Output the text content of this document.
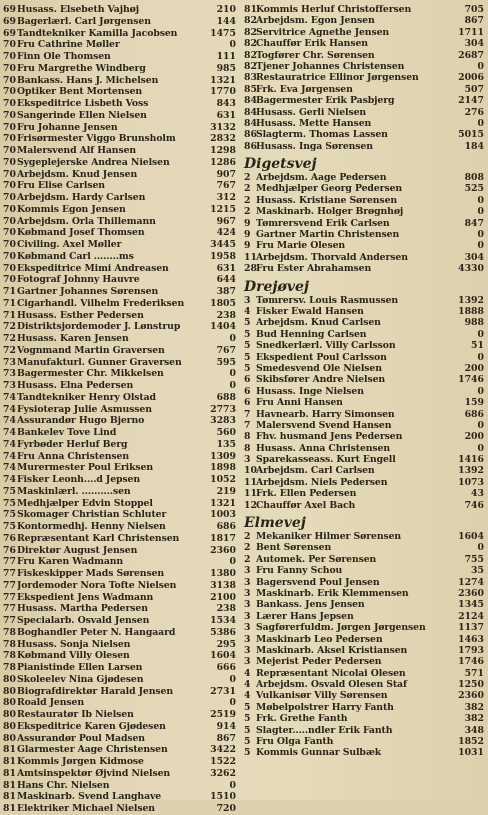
69 Husass. Elsebeth Vajhøj	210
69 Bagerlærl. Carl Jørgensen	144
69 Tandtekniker Kamilla Jacobsen	1475
70 Fru Cathrine Møller	0
70 Finn Ole Thomsen	111
70 Fru Margrethe Windberg	985
70 Bankass. Hans J. Michelsen	1321
70 Optiker Bent Mortensen	1770
70 Ekspeditrice Lisbeth Voss	843
70 Sangerinde Ellen Nielsen	631
70 Fru Johanne Jensen	3132
70 Frisørmester Viggo Brunsholm	2832
70 Malersvend Alf Hansen	1298
70 Sygeplejerske Andrea Nielsen	1286
70 Arbejdsm. Knud Jensen	907
70 Fru Elise Carlsen	767
70 Arbejdsm. Hardy Carlsen	312
70 Kommis Egon Jensen	1215
70 Arbejdsm. Orla Thillemann	967
70 Købmand Josef Thomsen	424
70 Civiling. Axel Møller	3445
70 Købmand Carl ........ms	1958
70 Ekspeditrice Mimi Andreasen	631
70 Fotograf Johnny Hauvre	644
71 Gartner Johannes Sørensen	387
71 Cigarhandl. Vilhelm Frederiksen	1805
71 Husass. Esther Pedersen	238
72 Distriktsjordemoder J. Lønstrup	1404
72 Husass. Karen Jensen	0
72 Vognmand Martin Graversen	767
73 Manufakturl. Gunner Graversen	595
73 Bagermester Chr. Mikkelsen	0
73 Husass. Elna Pedersen	0
74 Tandtekniker Henry Olstad	688
74 Fysioterap Julie Asmussen	2773
74 Assurandør Hugo Bjerno	3283
74 Bankelev Tove Lind	560
74 Fyrbøder Herluf Berg	135
74 Fru Anna Christensen	1309
74 Murermester Poul Eriksen	1898
74 Fisker Leonh....d Jepsen	1052
75 Maskinlærl. ..........sen	219
75 Medhjælper Edvin Stoppel	1321
75 Skomager Christian Schluter	1003
75 Kontormedhj. Henny Nielsen	686
76 Repræsentant Karl Christensen	1817
76 Direktør August Jensen	2360
77 Fru Karen Wadmann	0
77 Fiskeskipper Mads Sørensen	1380
77 Jordemoder Nora Tofte Nielsen	3138
77 Ekspedient Jens Wadmann	2100
77 Husass. Martha Pedersen	238
77 Specialarb. Osvald Jensen	1534
78 Boghandler Peter N. Hangaard	5386
78 Husass. Sonja Nielsen	295
78 Købmand Villy Olesen	1604
78 Pianistinde Ellen Larsen	666
80 Skoleelev Nina Gjødesen	0
80 Biografdirektør Harald Jensen	2731
80 Roald Jensen	0
80 Restauratør Ib Nielsen	2519
80 Ekspeditrice Karen Gjødesen	914
80 Assurandør Poul Madsen	867
81 Glarmester Aage Christensen	3422
81 Kommis Jørgen Kidmose	1522
81 Amtsinspektør Øjvind Nielsen	3262
81 Hans Chr. Nielsen	0
81 Maskinarb. Svend Langhave	1510
81 Elektriker Michael Nielsen	720
81 Kommis Herluf Christoffersen	705
82 Arbejdsm. Egon Jensen	867
82 Servitrice Agnethe Jensen	1711
82 Chauffør Erik Hansen	304
82 Togfører Chr. Sørensen	2687
82 Tjener Johannes Christensen	0
83 Restauratrice Ellinor Jørgensen	2006
85 Frk. Eva Jørgensen	507
84 Bagermester Erik Pasbjerg	2147
84 Husass. Gerli Nielsen	276
84 Husass. Mette Hansen	0
86 Slagterm. Thomas Lassen	5015
86 Husass. Inga Sørensen	184
Digetsvej
2 Arbejdsm. Aage Pedersen	808
2 Medhjælper Georg Pedersen	525
2 Husass. Kristiane Sørensen	0
2 Maskinarb. Holger Brøgnhøj	0
9 Tømrersvend Erik Carlsen	847
9 Gartner Martin Christensen	0
9 Fru Marie Olesen	0
11 Arbejdsm. Thorvald Andersen	304
28 Fru Ester Abrahamsen	4330
Drejøvej
3 Tømrersv. Louis Rasmussen	1392
4 Fisker Ewald Hansen	1888
5 Arbejdsm. Knud Carlsen	988
5 Bud Henning Carlsen	0
5 Snedkerlærl. Villy Carlsson	51
5 Ekspedient Poul Carlsson	0
5 Smedesvend Ole Nielsen	200
6 Skibsfører Andre Nielsen	1746
6 Husass. Inge Nielsen	0
6 Fru Anni Hansen	159
7 Havnearb. Harry Simonsen	686
7 Malersvend Svend Hansen	0
8 Fhv. husmand Jens Pedersen	200
8 Husass. Anna Christensen	0
3 Sparekasseass. Kurt Engell	1416
10 Arbejdsm. Carl Carlsen	1392
11 Arbejdsm. Niels Pedersen	1073
11 Frk. Ellen Pedersen	43
12 Chauffør Axel Bach	746
Elmevej
2 Mekaniker Hilmer Sørensen	1604
2 Bent Sørensen	0
2 Automek. Per Sørensen	755
3 Fru Fanny Schou	35
3 Bagersvend Poul Jensen	1274
3 Maskinarb. Erik Klemmensen	2360
3 Bankass. Jens Jensen	1345
3 Lærer Hans Jepsen	2124
3 Sagførerfuldm. Jørgen Jørgensen	1137
3 Maskinarb Leo Pedersen	1463
3 Maskinarb. Aksel Kristiansen	1793
3 Mejerist Peder Pedersen	1746
4 Repræsentant Nicolai Olesen	571
4 Arbejdsm. Osvald Olesen Staf	1250
4 Vulkanisør Villy Sørensen	2360
5 Møbelpolstrer Harry Fanth	382
5 Frk. Grethe Fanth	382
5 Slagter.....ndler Erik Fanth	348
5 Fru Olga Fanth	1852
5 Kommis Gunnar Sulbæk	1031
